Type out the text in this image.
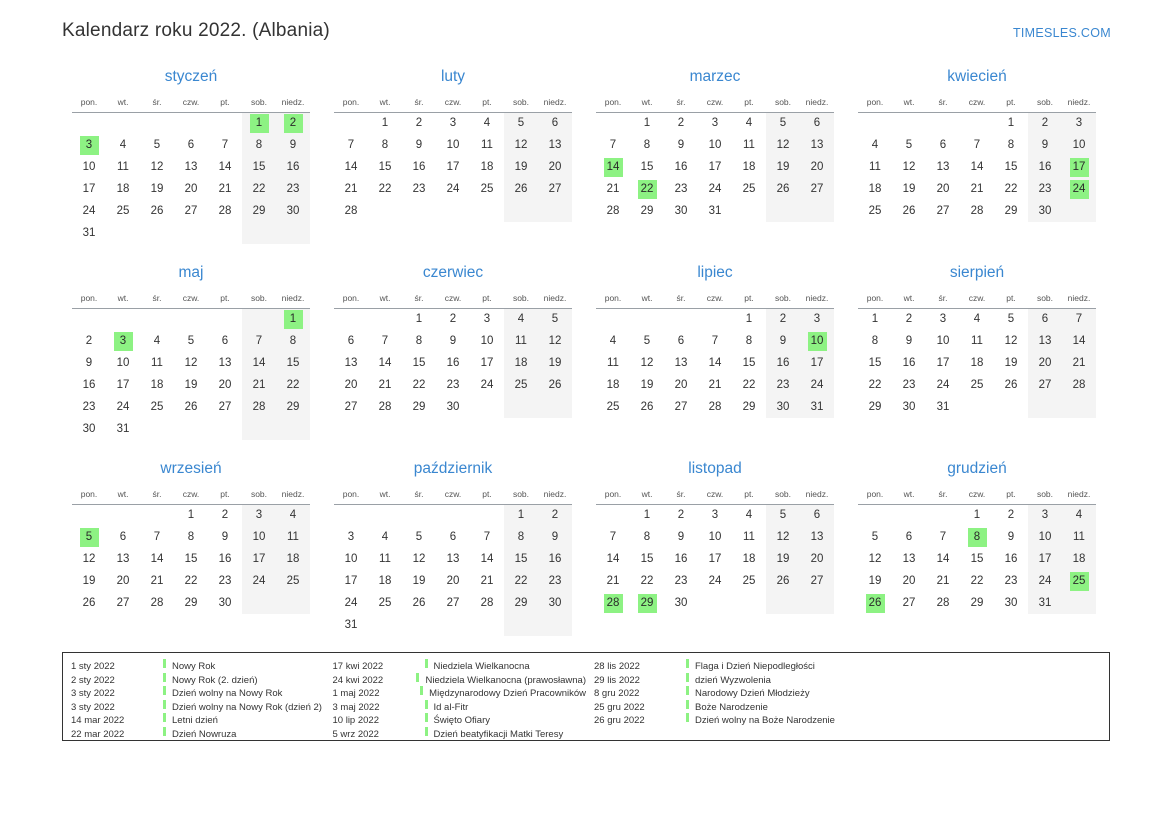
Kalendarz roku 2022. (Albania)	TIMESLES.COM
styczeń
pon.	wt.	śr.	czw.	pt.	sob.	niedz.
					1	2
3	4	5	6	7	8	9
10	11	12	13	14	15	16
17	18	19	20	21	22	23
24	25	26	27	28	29	30
31						
luty
pon.	wt.	śr.	czw.	pt.	sob.	niedz.
	1	2	3	4	5	6
7	8	9	10	11	12	13
14	15	16	17	18	19	20
21	22	23	24	25	26	27
28						
marzec
pon.	wt.	śr.	czw.	pt.	sob.	niedz.
	1	2	3	4	5	6
7	8	9	10	11	12	13
14	15	16	17	18	19	20
21	22	23	24	25	26	27
28	29	30	31			
kwiecień
pon.	wt.	śr.	czw.	pt.	sob.	niedz.
				1	2	3
4	5	6	7	8	9	10
11	12	13	14	15	16	17
18	19	20	21	22	23	24
25	26	27	28	29	30	
maj
pon.	wt.	śr.	czw.	pt.	sob.	niedz.
						1
2	3	4	5	6	7	8
9	10	11	12	13	14	15
16	17	18	19	20	21	22
23	24	25	26	27	28	29
30	31					
czerwiec
pon.	wt.	śr.	czw.	pt.	sob.	niedz.
		1	2	3	4	5
6	7	8	9	10	11	12
13	14	15	16	17	18	19
20	21	22	23	24	25	26
27	28	29	30			
lipiec
pon.	wt.	śr.	czw.	pt.	sob.	niedz.
				1	2	3
4	5	6	7	8	9	10
11	12	13	14	15	16	17
18	19	20	21	22	23	24
25	26	27	28	29	30	31
sierpień
pon.	wt.	śr.	czw.	pt.	sob.	niedz.
1	2	3	4	5	6	7
8	9	10	11	12	13	14
15	16	17	18	19	20	21
22	23	24	25	26	27	28
29	30	31				
wrzesień
pon.	wt.	śr.	czw.	pt.	sob.	niedz.
			1	2	3	4
5	6	7	8	9	10	11
12	13	14	15	16	17	18
19	20	21	22	23	24	25
26	27	28	29	30		
październik
pon.	wt.	śr.	czw.	pt.	sob.	niedz.
					1	2
3	4	5	6	7	8	9
10	11	12	13	14	15	16
17	18	19	20	21	22	23
24	25	26	27	28	29	30
31						
listopad
pon.	wt.	śr.	czw.	pt.	sob.	niedz.
	1	2	3	4	5	6
7	8	9	10	11	12	13
14	15	16	17	18	19	20
21	22	23	24	25	26	27
28	29	30				
grudzień
pon.	wt.	śr.	czw.	pt.	sob.	niedz.
			1	2	3	4
5	6	7	8	9	10	11
12	13	14	15	16	17	18
19	20	21	22	23	24	25
26	27	28	29	30	31	
1 sty 2022	Nowy Rok
2 sty 2022	Nowy Rok (2. dzień)
3 sty 2022	Dzień wolny na Nowy Rok
3 sty 2022	Dzień wolny na Nowy Rok (dzień 2)
14 mar 2022	Letni dzień
22 mar 2022	Dzień Nowruza
17 kwi 2022	Niedziela Wielkanocna
24 kwi 2022	Niedziela Wielkanocna (prawosławna)
1 maj 2022	Międzynarodowy Dzień Pracowników
3 maj 2022	Id al-Fitr
10 lip 2022	Święto Ofiary
5 wrz 2022	Dzień beatyfikacji Matki Teresy
28 lis 2022	Flaga i Dzień Niepodległości
29 lis 2022	dzień Wyzwolenia
8 gru 2022	Narodowy Dzień Młodzieży
25 gru 2022	Boże Narodzenie
26 gru 2022	Dzień wolny na Boże Narodzenie
